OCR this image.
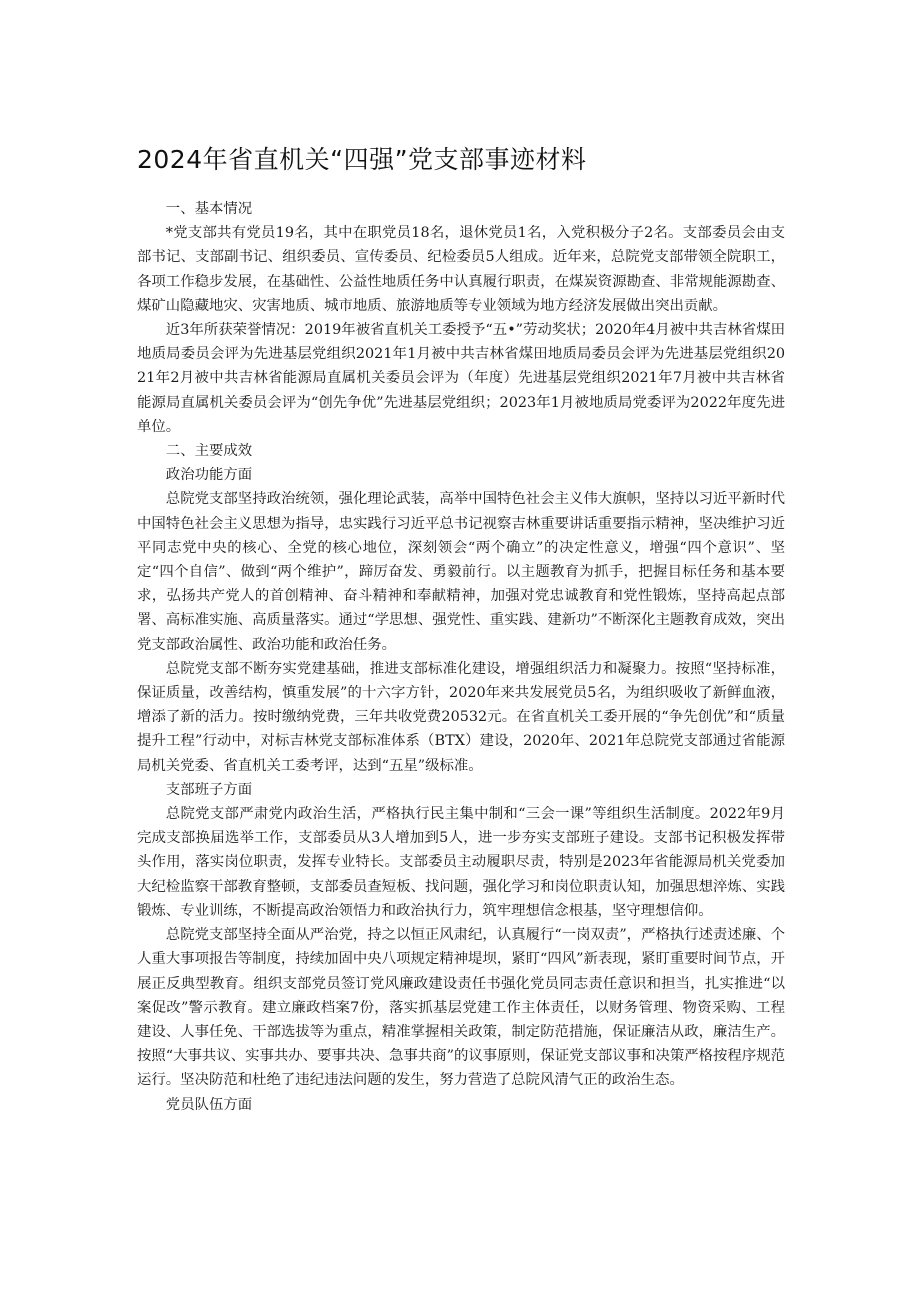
2024年省直机关“四强”党支部事迹材料

一、基本情况

*党支部共有党员19名，其中在职党员18名，退休党员1名，入党积极分子2名。支部委员会由支部书记、支部副书记、组织委员、宣传委员、纪检委员5人组成。近年来，总院党支部带领全院职工，各项工作稳步发展，在基础性、公益性地质任务中认真履行职责，在煤炭资源勘查、非常规能源勘查、煤矿山隐藏地灾、灾害地质、城市地质、旅游地质等专业领域为地方经济发展做出突出贡献。

近3年所获荣誉情况：2019年被省直机关工委授予“五•”劳动奖状；2020年4月被中共吉林省煤田地质局委员会评为先进基层党组织2021年1月被中共吉林省煤田地质局委员会评为先进基层党组织2021年2月被中共吉林省能源局直属机关委员会评为（年度）先进基层党组织2021年7月被中共吉林省能源局直属机关委员会评为“创先争优”先进基层党组织；2023年1月被地质局党委评为2022年度先进单位。

二、主要成效

政治功能方面

总院党支部坚持政治统领，强化理论武装，高举中国特色社会主义伟大旗帜，坚持以习近平新时代中国特色社会主义思想为指导，忠实践行习近平总书记视察吉林重要讲话重要指示精神，坚决维护习近平同志党中央的核心、全党的核心地位，深刻领会“两个确立”的决定性意义，增强“四个意识”、坚定“四个自信”、做到“两个维护”，蹄厉奋发、勇毅前行。以主题教育为抓手，把握目标任务和基本要求，弘扬共产党人的首创精神、奋斗精神和奉献精神，加强对党忠诚教育和党性锻炼，坚持高起点部署、高标准实施、高质量落实。通过“学思想、强党性、重实践、建新功”不断深化主题教育成效，突出党支部政治属性、政治功能和政治任务。

总院党支部不断夯实党建基础，推进支部标准化建设，增强组织活力和凝聚力。按照“坚持标准，保证质量，改善结构，慎重发展”的十六字方针，2020年来共发展党员5名，为组织吸收了新鲜血液，增添了新的活力。按时缴纳党费，三年共收党费20532元。在省直机关工委开展的“争先创优”和“质量提升工程”行动中，对标吉林党支部标准体系（BTX）建设，2020年、2021年总院党支部通过省能源局机关党委、省直机关工委考评，达到“五星”级标准。

支部班子方面

总院党支部严肃党内政治生活，严格执行民主集中制和“三会一课”等组织生活制度。2022年9月完成支部换届选举工作，支部委员从3人增加到5人，进一步夯实支部班子建设。支部书记积极发挥带头作用，落实岗位职责，发挥专业特长。支部委员主动履职尽责，特别是2023年省能源局机关党委加大纪检监察干部教育整顿，支部委员查短板、找问题，强化学习和岗位职责认知，加强思想淬炼、实践锻炼、专业训练，不断提高政治领悟力和政治执行力，筑牢理想信念根基，坚守理想信仰。

总院党支部坚持全面从严治党，持之以恒正风肃纪，认真履行“一岗双责”，严格执行述责述廉、个人重大事项报告等制度，持续加固中央八项规定精神堤坝，紧盯“四风”新表现，紧盯重要时间节点，开展正反典型教育。组织支部党员签订党风廉政建设责任书强化党员同志责任意识和担当，扎实推进“以案促改”警示教育。建立廉政档案7份，落实抓基层党建工作主体责任，以财务管理、物资采购、工程建设、人事任免、干部选拔等为重点，精准掌握相关政策，制定防范措施，保证廉洁从政，廉洁生产。按照“大事共议、实事共办、要事共决、急事共商”的议事原则，保证党支部议事和决策严格按程序规范运行。坚决防范和杜绝了违纪违法问题的发生，努力营造了总院风清气正的政治生态。

党员队伍方面
